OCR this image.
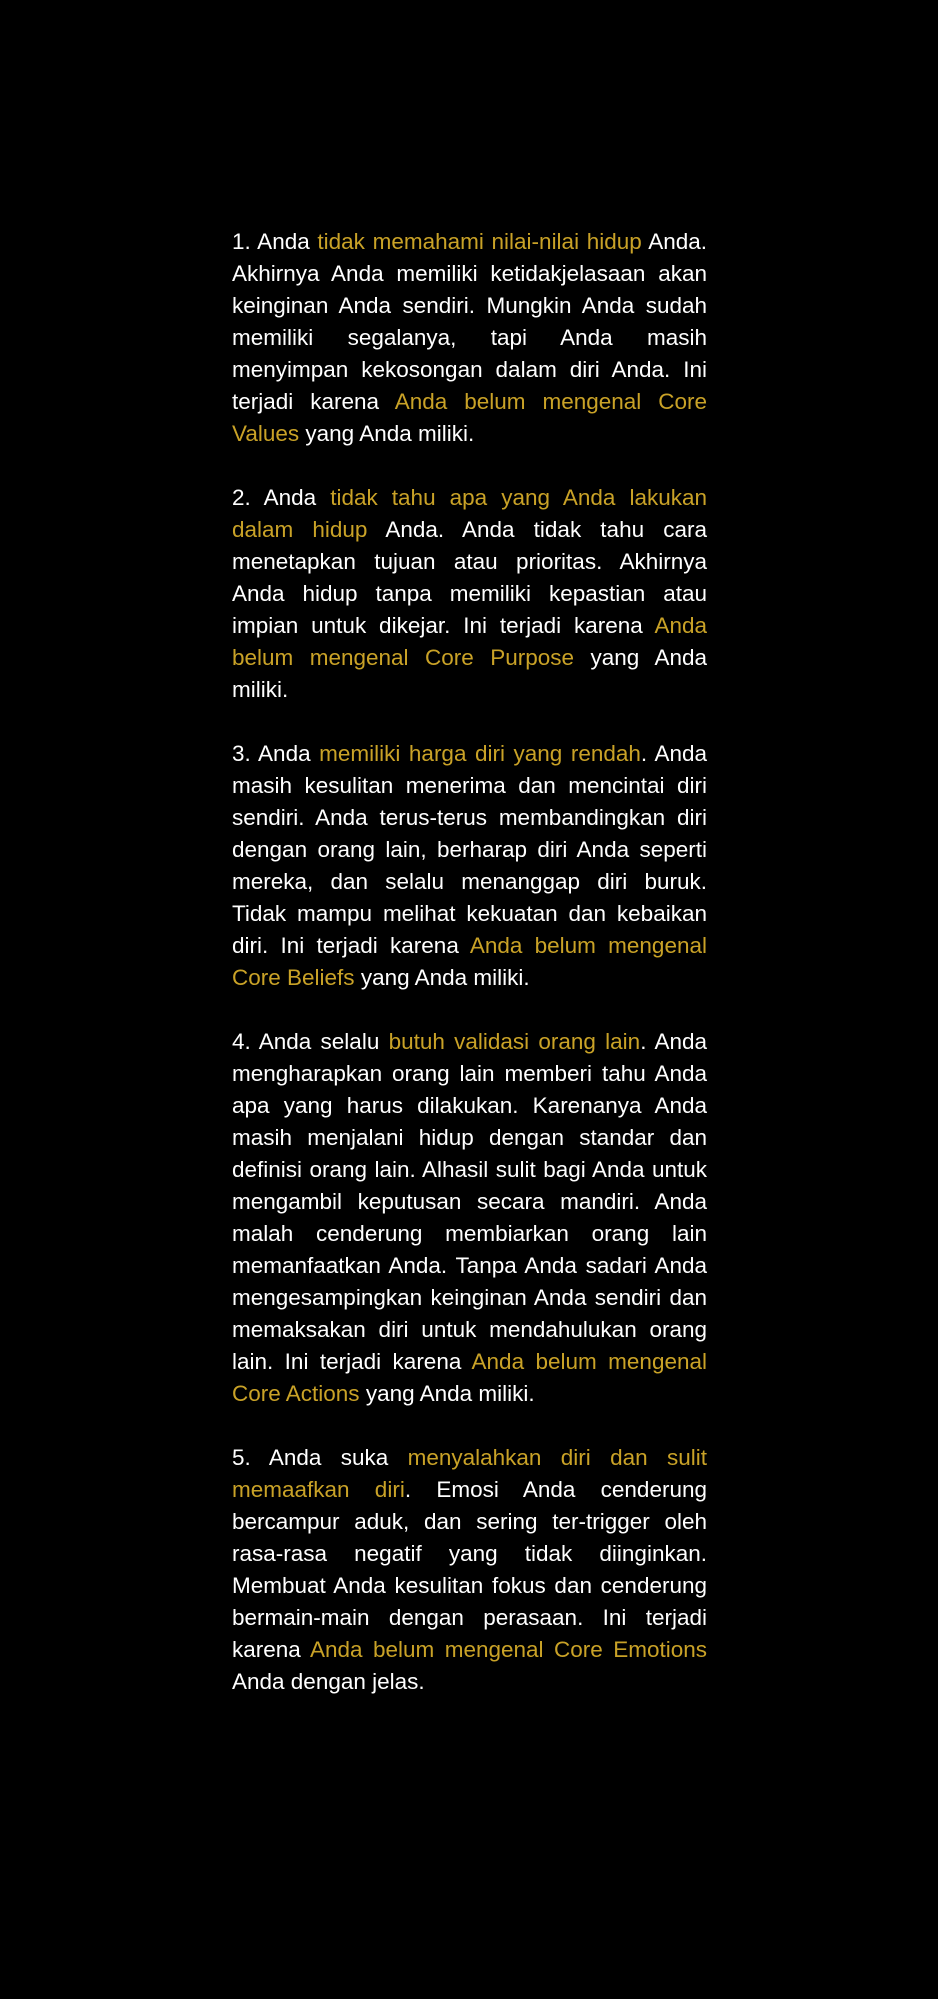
1. Anda tidak memahami nilai-nilai hidup Anda. Akhirnya Anda memiliki ketidakjelasaan akan keinginan Anda sendiri. Mungkin Anda sudah memiliki segalanya, tapi Anda masih menyimpan kekosongan dalam diri Anda. Ini terjadi karena Anda belum mengenal Core Values yang Anda miliki.

2. Anda tidak tahu apa yang Anda lakukan dalam hidup Anda. Anda tidak tahu cara menetapkan tujuan atau prioritas. Akhirnya Anda hidup tanpa memiliki kepastian atau impian untuk dikejar. Ini terjadi karena Anda belum mengenal Core Purpose yang Anda miliki.

3. Anda memiliki harga diri yang rendah. Anda masih kesulitan menerima dan mencintai diri sendiri. Anda terus-terus membandingkan diri dengan orang lain, berharap diri Anda seperti mereka, dan selalu menanggap diri buruk. Tidak mampu melihat kekuatan dan kebaikan diri. Ini terjadi karena Anda belum mengenal Core Beliefs yang Anda miliki.

4. Anda selalu butuh validasi orang lain. Anda mengharapkan orang lain memberi tahu Anda apa yang harus dilakukan. Karenanya Anda masih menjalani hidup dengan standar dan definisi orang lain. Alhasil sulit bagi Anda untuk mengambil keputusan secara mandiri. Anda malah cenderung membiarkan orang lain memanfaatkan Anda. Tanpa Anda sadari Anda mengesampingkan keinginan Anda sendiri dan memaksakan diri untuk mendahulukan orang lain. Ini terjadi karena Anda belum mengenal Core Actions yang Anda miliki.

5. Anda suka menyalahkan diri dan sulit memaafkan diri. Emosi Anda cenderung bercampur aduk, dan sering ter-trigger oleh rasa-rasa negatif yang tidak diinginkan. Membuat Anda kesulitan fokus dan cenderung bermain-main dengan perasaan. Ini terjadi karena Anda belum mengenal Core Emotions Anda dengan jelas.
